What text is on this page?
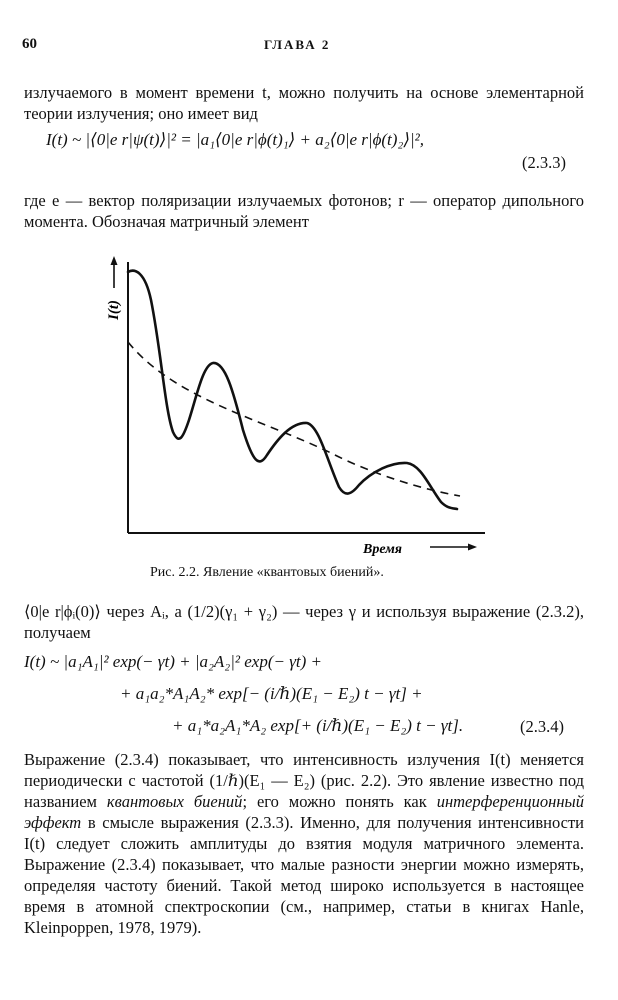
60	ГЛАВА 2
излучаемого в момент времени t, можно получить на основе элементарной теории излучения; оно имеет вид
I(t) ~ |⟨0|e r|ψ(t)⟩|² = |a₁⟨0|e r|ϕ(t)₁⟩ + a₂⟨0|e r|ϕ(t)₂⟩|²,
(2.3.3)
где e — вектор поляризации излучаемых фотонов; r — оператор дипольного момента. Обозначая матричный элемент
I(t)
Время
Рис. 2.2. Явление «квантовых биений».
⟨0|e r|ϕᵢ(0)⟩ через Aᵢ, а (1/2)(γ₁ + γ₂) — через γ и используя выражение (2.3.2), получаем
I(t) ~ |a₁A₁|² exp(− γt) + |a₂A₂|² exp(− γt) +
+ a₁a₂*A₁A₂* exp[− (i/ℏ)(E₁ − E₂) t − γt] +
+ a₁*a₂A₁*A₂ exp[+ (i/ℏ)(E₁ − E₂) t − γt].	(2.3.4)
Выражение (2.3.4) показывает, что интенсивность излучения I(t) меняется периодически с частотой (1/ℏ)(E₁ — E₂) (рис. 2.2). Это явление известно под названием квантовых биений; его можно понять как интерференционный эффект в смысле выражения (2.3.3). Именно, для получения интенсивности I(t) следует сложить амплитуды до взятия модуля матричного элемента. Выражение (2.3.4) показывает, что малые разности энергии можно измерять, определяя частоту биений. Такой метод широко используется в настоящее время в атомной спектроскопии (см., например, статьи в книгах Hanle, Kleinpoppen, 1978, 1979).
